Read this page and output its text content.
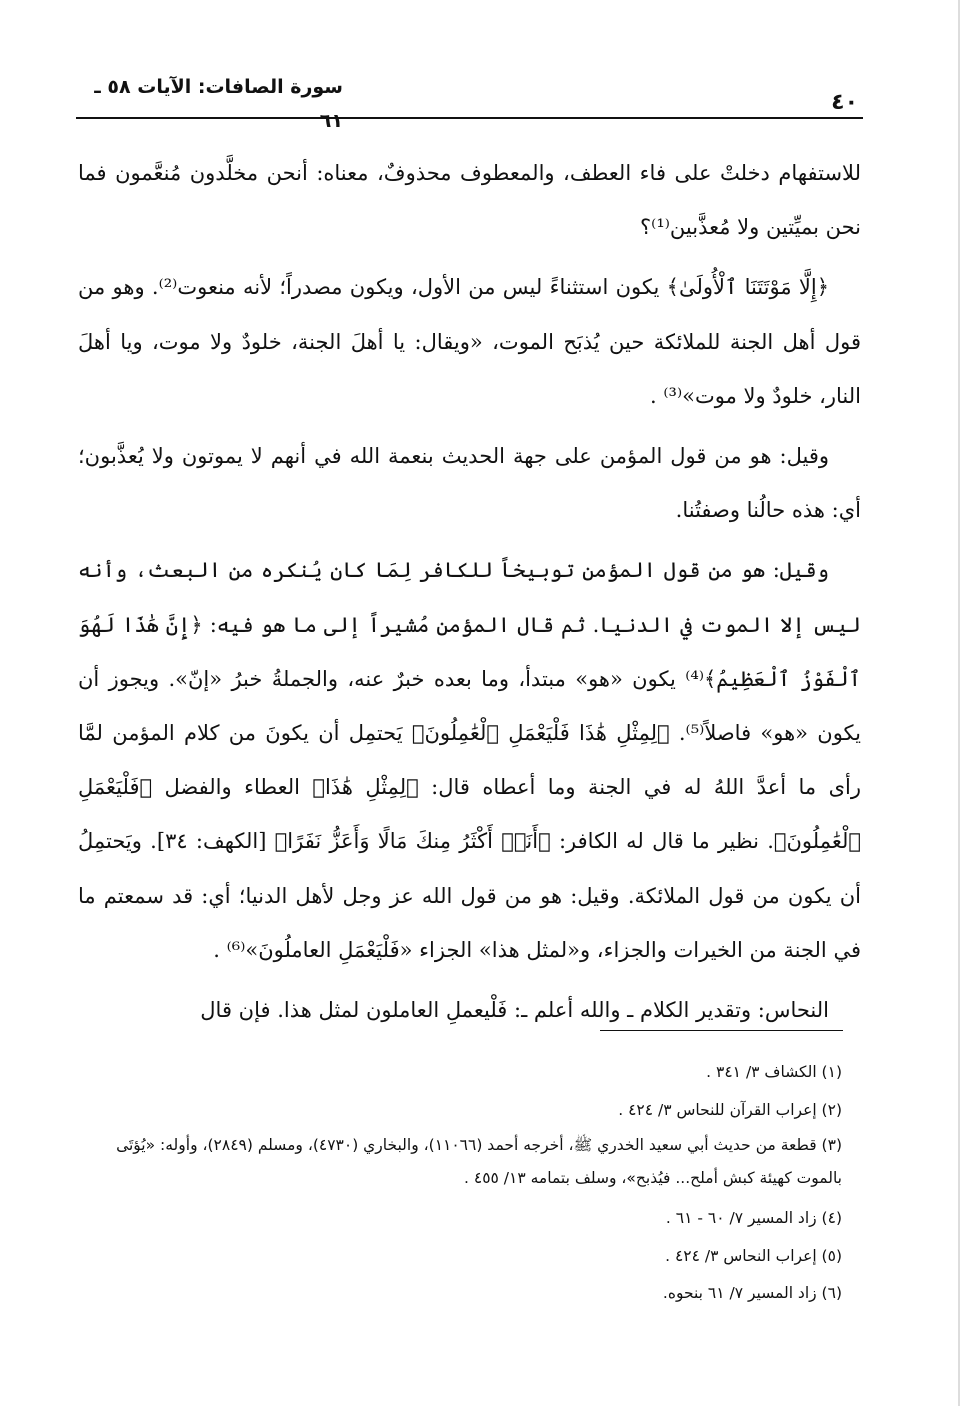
سورة الصافات: الآيات ٥٨ ـ ٦١
٤٠

للاستفهام دخلتْ على فاء العطف، والمعطوف محذوفٌ، معناه: أنحن مخلَّدون مُنعَّمون فما نحن بميِّتين ولا مُعذَّبين⁽¹⁾؟

﴿إِلَّا مَوْتَتَنَا ٱلْأُولَىٰ﴾ يكون استثناءً ليس من الأول، ويكون مصدراً؛ لأنه منعوت⁽²⁾. وهو من قول أهل الجنة للملائكة حين يُذبَح الموت، «ويقال: يا أهلَ الجنة، خلودٌ ولا موت، ويا أهلَ النار، خلودٌ ولا موت»⁽³⁾ .

وقيل: هو من قول المؤمن على جهة الحديث بنعمة الله في أنهم لا يموتون ولا يُعذَّبون؛ أي: هذه حالُنا وصفتُنا.

وقيل: هو من قول المؤمن توبيخاً للكافر لِمَا كان يُنكره من البعث، وأنه ليس إلا الموت في الدنيا. ثم قال المؤمن مُشيراً إلى ما هو فيه: ﴿إِنَّ هَٰذَا لَهُوَ ٱلْفَوْزُ ٱلْعَظِيمُ﴾⁽⁴⁾ يكون «هو» مبتدأ، وما بعده خبرٌ عنه، والجملةُ خبرُ «إنّ». ويجوز أن يكون «هو» فاصلاً⁽⁵⁾. ﴿لِمِثْلِ هَٰذَا فَلْيَعْمَلِ ٱلْعَٰمِلُونَ﴾ يَحتمِل أن يكونَ من كلام المؤمن لمَّا رأى ما أعدَّ اللهُ له في الجنة وما أعطاه قال: ﴿لِمِثْلِ هَٰذَا﴾ العطاء والفضل ﴿فَلْيَعْمَلِ ٱلْعَٰمِلُونَ﴾. نظير ما قال له الكافر: ﴿أَنَا۠ أَكْثَرُ مِنكَ مَالًا وَأَعَزُّ نَفَرًا﴾ [الكهف: ٣٤]. ويَحتمِلُ أن يكون من قول الملائكة. وقيل: هو من قول الله عز وجل لأهل الدنيا؛ أي: قد سمعتم ما في الجنة من الخيرات والجزاء، و«لمثل هذا» الجزاء «فَلْيَعْمَلِ العاملُونَ»⁽⁶⁾ .

النحاس: وتقدير الكلام ـ والله أعلم ـ: فَلْيعملِ العاملون لمثل هذا. فإن قال

(١) الكشاف ٣/ ٣٤١ .

(٢) إعراب القرآن للنحاس ٣/ ٤٢٤ .

(٣) قطعة من حديث أبي سعيد الخدري ﷺ، أخرجه أحمد (١١٠٦٦)، والبخاري (٤٧٣٠)، ومسلم (٢٨٤٩)، وأوله: «يُؤتَى بالموت كهيئة كبش أملح... فيُذبح»، وسلف بتمامه ١٣/ ٤٥٥ .

(٤) زاد المسير ٧/ ٦٠ - ٦١ .

(٥) إعراب النحاس ٣/ ٤٢٤ .

(٦) زاد المسير ٧/ ٦١ بنحوه.
